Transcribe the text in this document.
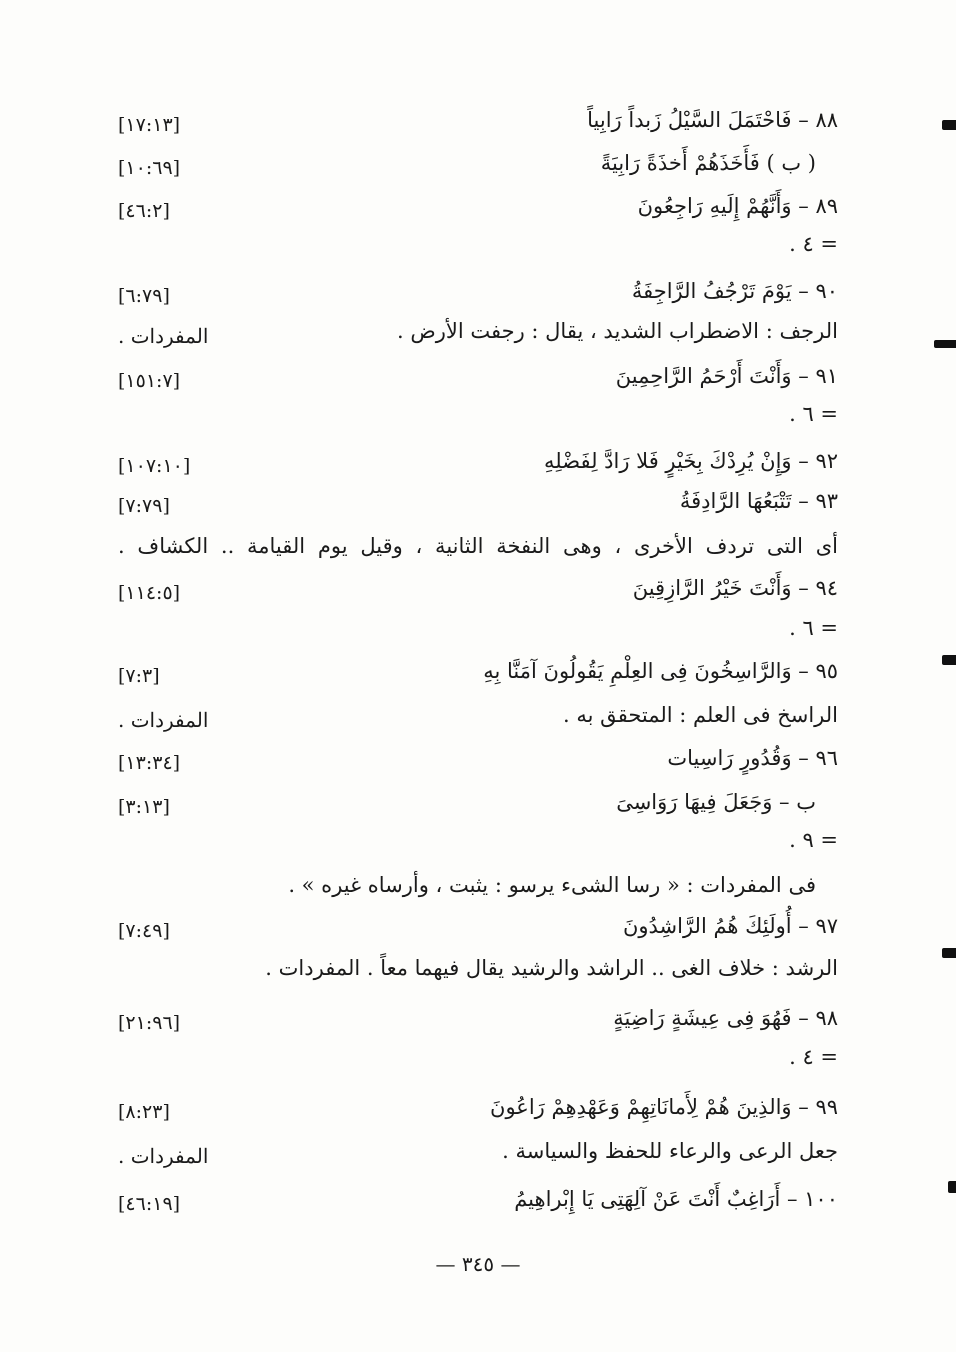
٨٨ – فَاحْتَمَلَ السَّيْلُ زَبداً رَابِياً
[١٧:١٣]
( ب ) فَأَخَذَهُمْ أَخذَةً رَابِيَةً
[١٠:٦٩]
٨٩ – وَأَنَّهُمْ إِلَيهِ رَاجِعُونَ
[٤٦:٢]
= ٤ .
٩٠ – يَوْمَ تَرْجُفُ الرَّاجِفَةُ
[٦:٧٩]
الرجف : الاضطراب الشديد ، يقال : رجفت الأرض .
المفردات .
٩١ – وَأَنْتَ أَرْحَمُ الرَّاحِمِينَ
[١٥١:٧]
= ٦ .
٩٢ – وَإِنْ يُرِدْكَ بِخَيْرٍ فَلا رَادَّ لِفَضْلِهِ
[١٠٧:١٠]
٩٣ – تَتْبَعُهَا الرَّادِفَةُ
[٧:٧٩]
أى التى تردف الأخرى ، وهى النفخة الثانية ، وقيل يوم القيامة .. الكشاف .
٩٤ – وَأَنْتَ خَيْرُ الرَّازِقِينَ
[١١٤:٥]
= ٦ .
٩٥ – وَالرَّاسِخُونَ فِى العِلْمِ يَقُولُونَ آمَنَّا بِهِ
[٧:٣]
الراسخ فى العلم : المتحقق به .
المفردات .
٩٦ – وَقُدُورٍ رَاسِيات
[١٣:٣٤]
ب – وَجَعَلَ فِيهَا رَوَاسِىَ
[٣:١٣]
= ٩ .
فى المفردات : « رسا الشىء يرسو : يثبت ، وأرساه غيره » .
٩٧ – أُولَئِكَ هُمُ الرَّاشِدُونَ
[٧:٤٩]
الرشد : خلاف الغى .. الراشد والرشيد يقال فيهما معاً . المفردات .
٩٨ – فَهُوَ فِى عِيشَةٍ رَاضِيَةٍ
[٢١:٩٦]
= ٤ .
٩٩ – وَالذِينَ هُمْ لِأَمانَاتِهِمْ وَعَهْدِهِمْ رَاعُونَ
[٨:٢٣]
جعل الرعى والرعاء للحفظ والسياسة .
المفردات .
١٠٠ – أَرَاغِبٌ أَنْتَ عَنْ آلِهَتِى يَا إِبْراهِيمُ
[٤٦:١٩]
— ٣٤٥ —
